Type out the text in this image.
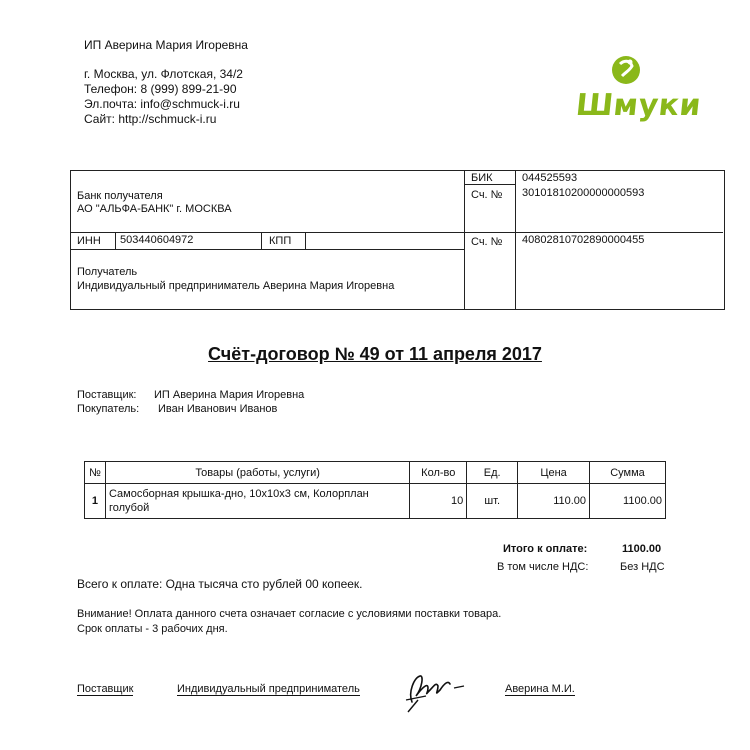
ИП Аверина Мария Игоревна
г. Москва, ул. Флотская, 34/2
Телефон: 8 (999) 899-21-90
Эл.почта: info@schmuck-i.ru
Сайт: http://schmuck-i.ru	Шмуки
Банк получателя
АО "АЛЬФА-БАНК" г. МОСКВА
БИК	044525593
Сч. № 30101810200000000593
ИНН 503440604972	КПП	Сч. № 40802810702890000455
Получатель
Индивидуальный предприниматель Аверина Мария Игоревна
Счёт-договор № 49 от 11 апреля 2017
Поставщик: ИП Аверина Мария Игоревна
Покупатель: Иван Иванович Иванов
№	Товары (работы, услуги)	Кол-во	Ед.	Цена	Сумма
1	Самосборная крышка-дно, 10x10x3 см, Колорплан голубой	10	шт.	110.00	1100.00
Итого к оплате:	1100.00
В том числе НДС:	Без НДС
Всего к оплате: Одна тысяча сто рублей 00 копеек.
Внимание! Оплата данного счета означает согласие с условиями поставки товара.
Срок оплаты - 3 рабочих дня.
Поставщик	Индивидуальный предприниматель	Аверина М.И.
